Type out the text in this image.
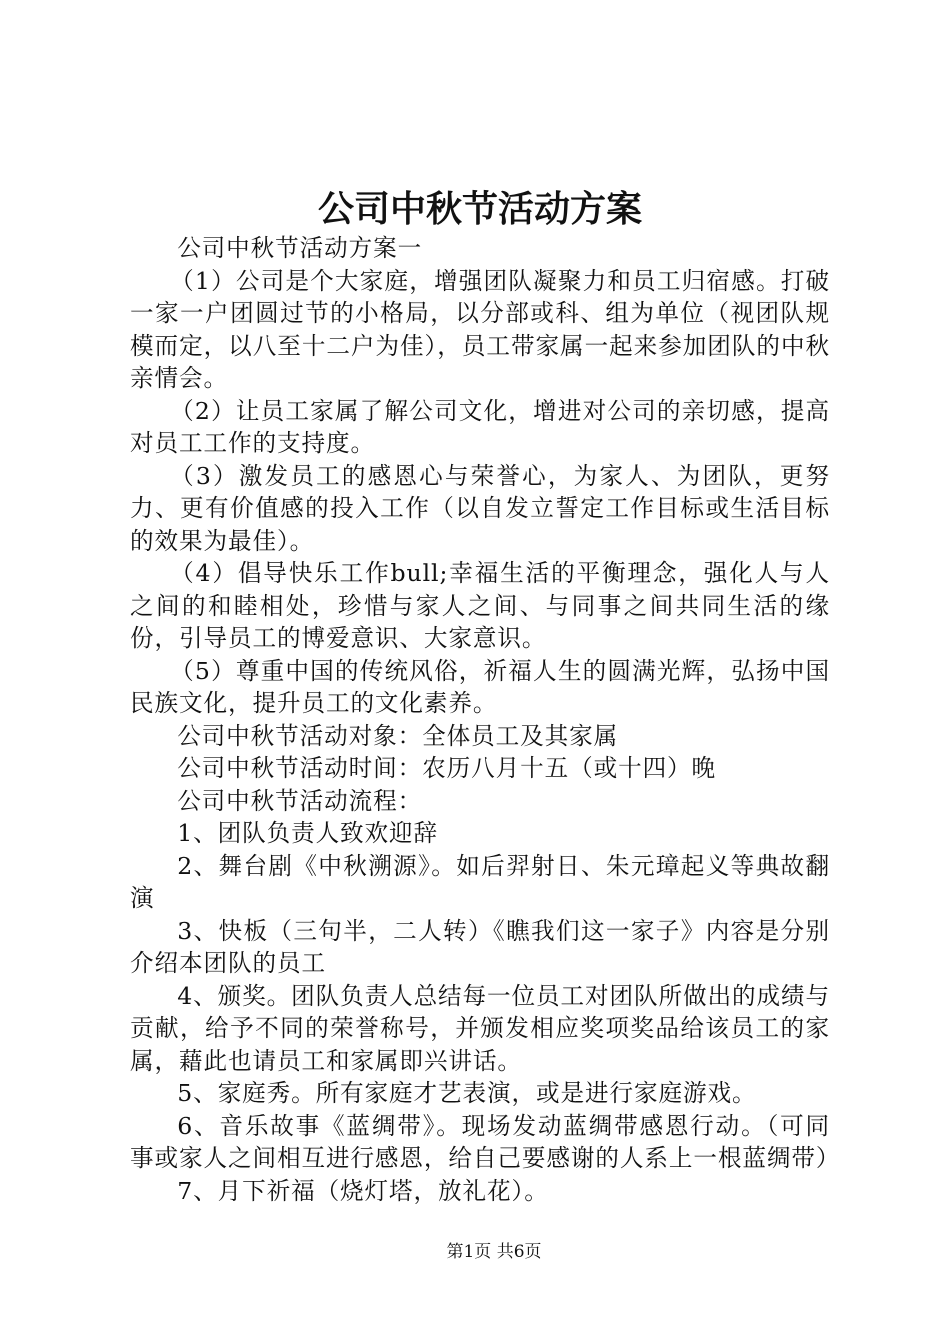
公司中秋节活动方案

公司中秋节活动方案一

（1）公司是个大家庭，增强团队凝聚力和员工归宿感。打破一家一户团圆过节的小格局，以分部或科、组为单位（视团队规模而定，以八至十二户为佳），员工带家属一起来参加团队的中秋亲情会。

（2）让员工家属了解公司文化，增进对公司的亲切感，提高对员工工作的支持度。

（3）激发员工的感恩心与荣誉心，为家人、为团队，更努力、更有价值感的投入工作（以自发立誓定工作目标或生活目标的效果为最佳）。

（4）倡导快乐工作bull;幸福生活的平衡理念，强化人与人之间的和睦相处，珍惜与家人之间、与同事之间共同生活的缘份，引导员工的博爱意识、大家意识。

（5）尊重中国的传统风俗，祈福人生的圆满光辉，弘扬中国民族文化，提升员工的文化素养。

公司中秋节活动对象：全体员工及其家属

公司中秋节活动时间：农历八月十五（或十四）晚

公司中秋节活动流程：

1、团队负责人致欢迎辞

2、舞台剧《中秋溯源》。如后羿射日、朱元璋起义等典故翻演

3、快板（三句半，二人转）《瞧我们这一家子》内容是分别介绍本团队的员工

4、颁奖。团队负责人总结每一位员工对团队所做出的成绩与贡献，给予不同的荣誉称号，并颁发相应奖项奖品给该员工的家属，藉此也请员工和家属即兴讲话。

5、家庭秀。所有家庭才艺表演，或是进行家庭游戏。

6、音乐故事《蓝绸带》。现场发动蓝绸带感恩行动。（可同事或家人之间相互进行感恩，给自己要感谢的人系上一根蓝绸带）

7、月下祈福（烧灯塔，放礼花）。

第1页 共6页
